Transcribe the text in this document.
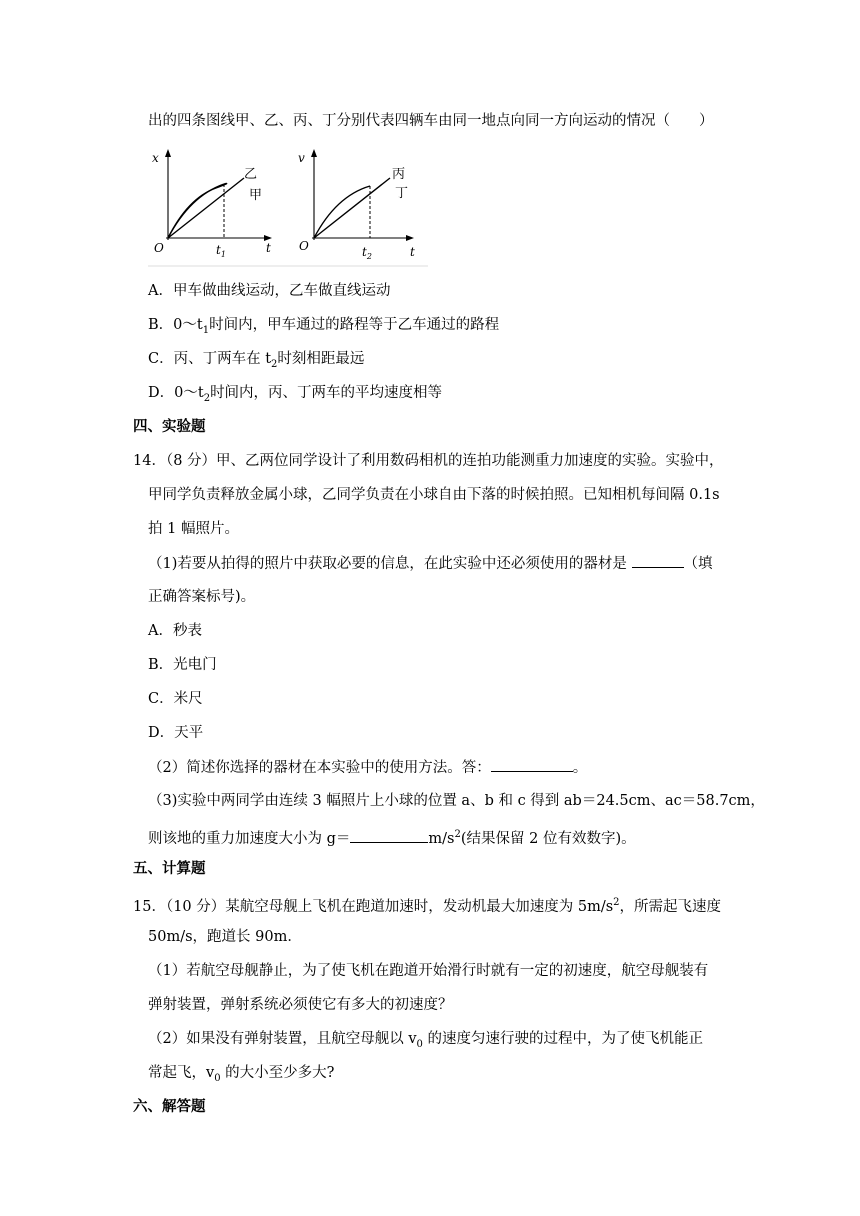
出的四条图线甲、乙、丙、丁分别代表四辆车由同一地点向同一方向运动的情况（　　）
x
t
O
乙
甲
$t_1$
v
t
O
丙
丁
$t_2$
A．甲车做曲线运动，乙车做直线运动
B．$0\sim t_1$时间内，甲车通过的路程等于乙车通过的路程
C．丙、丁两车在 $t_2$时刻相距最远
D．$0\sim t_2$时间内，丙、丁两车的平均速度相等
四、实验题
14．（8 分）甲、乙两位同学设计了利用数码相机的连拍功能测重力加速度的实验。实验中，
甲同学负责释放金属小球，乙同学负责在小球自由下落的时候拍照。已知相机每间隔 0.1s
拍 1 幅照片。
（1)若要从拍得的照片中获取必要的信息，在此实验中还必须使用的器材是	（填
正确答案标号)。
A．秒表
B．光电门
C．米尺
D．天平
（2）简述你选择的器材在本实验中的使用方法。答：	。
（3)实验中两同学由连续 3 幅照片上小球的位置 a、b 和 c 得到 ab＝24.5cm、ac＝58.7cm，
则该地的重力加速度大小为 g＝	$m/s^2$(结果保留 2 位有效数字)。
五、计算题
15．（10 分）某航空母舰上飞机在跑道加速时，发动机最大加速度为 $5m/s^2$，所需起飞速度
50m/s，跑道长 90m．
（1）若航空母舰静止，为了使飞机在跑道开始滑行时就有一定的初速度，航空母舰装有
弹射装置，弹射系统必须使它有多大的初速度？
（2）如果没有弹射装置，且航空母舰以 $v_0$ 的速度匀速行驶的过程中，为了使飞机能正
常起飞，$v_0$ 的大小至少多大?
六、解答题
